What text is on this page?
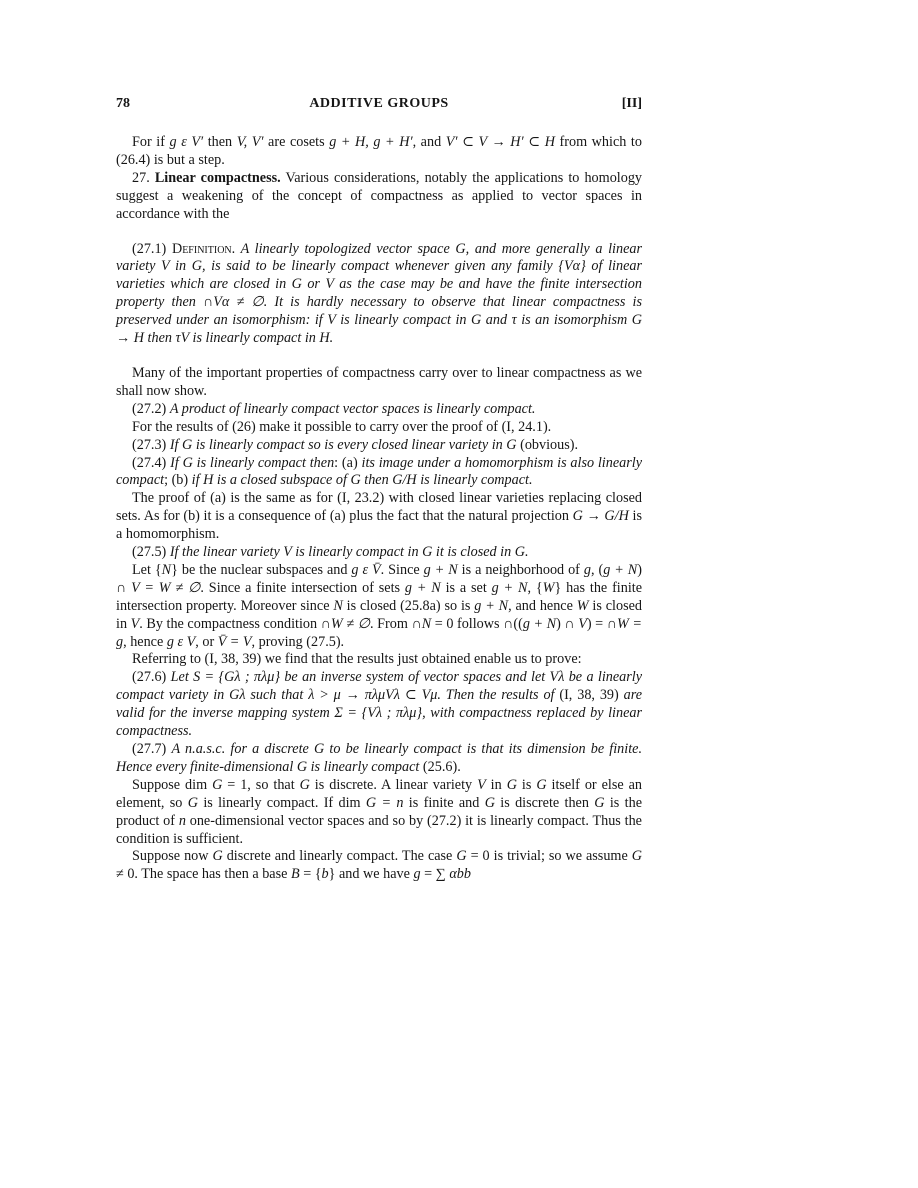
78	ADDITIVE GROUPS	[II]

For if g ε V′ then V, V′ are cosets g + H, g + H′, and V′ ⊂ V → H′ ⊂ H from which to (26.4) is but a step.

27. Linear compactness. Various considerations, notably the applications to homology suggest a weakening of the concept of compactness as applied to vector spaces in accordance with the

(27.1) Definition. A linearly topologized vector space G, and more generally a linear variety V in G, is said to be linearly compact whenever given any family {Vα} of linear varieties which are closed in G or V as the case may be and have the finite intersection property then ∩Vα ≠ ∅. It is hardly necessary to observe that linear compactness is preserved under an isomorphism: if V is linearly compact in G and τ is an isomorphism G → H then τV is linearly compact in H.

Many of the important properties of compactness carry over to linear compactness as we shall now show.

(27.2) A product of linearly compact vector spaces is linearly compact.

For the results of (26) make it possible to carry over the proof of (I, 24.1).

(27.3) If G is linearly compact so is every closed linear variety in G (obvious).

(27.4) If G is linearly compact then: (a) its image under a homomorphism is also linearly compact; (b) if H is a closed subspace of G then G/H is linearly compact.

The proof of (a) is the same as for (I, 23.2) with closed linear varieties replacing closed sets. As for (b) it is a consequence of (a) plus the fact that the natural projection G → G/H is a homomorphism.

(27.5) If the linear variety V is linearly compact in G it is closed in G.

Let {N} be the nuclear subspaces and g ε V̄. Since g + N is a neighborhood of g, (g + N) ∩ V = W ≠ ∅. Since a finite intersection of sets g + N is a set g + N, {W} has the finite intersection property. Moreover since N is closed (25.8a) so is g + N, and hence W is closed in V. By the compactness condition ∩W ≠ ∅. From ∩N = 0 follows ∩((g + N) ∩ V) = ∩W = g, hence g ε V, or V̄ = V, proving (27.5).

Referring to (I, 38, 39) we find that the results just obtained enable us to prove:

(27.6) Let S = {Gλ ; πλμ} be an inverse system of vector spaces and let Vλ be a linearly compact variety in Gλ such that λ > μ → πλμVλ ⊂ Vμ. Then the results of (I, 38, 39) are valid for the inverse mapping system Σ = {Vλ ; πλμ}, with compactness replaced by linear compactness.

(27.7) A n.a.s.c. for a discrete G to be linearly compact is that its dimension be finite. Hence every finite-dimensional G is linearly compact (25.6).

Suppose dim G = 1, so that G is discrete. A linear variety V in G is G itself or else an element, so G is linearly compact. If dim G = n is finite and G is discrete then G is the product of n one-dimensional vector spaces and so by (27.2) it is linearly compact. Thus the condition is sufficient.

Suppose now G discrete and linearly compact. The case G = 0 is trivial; so we assume G ≠ 0. The space has then a base B = {b} and we have g = ∑ αbb
